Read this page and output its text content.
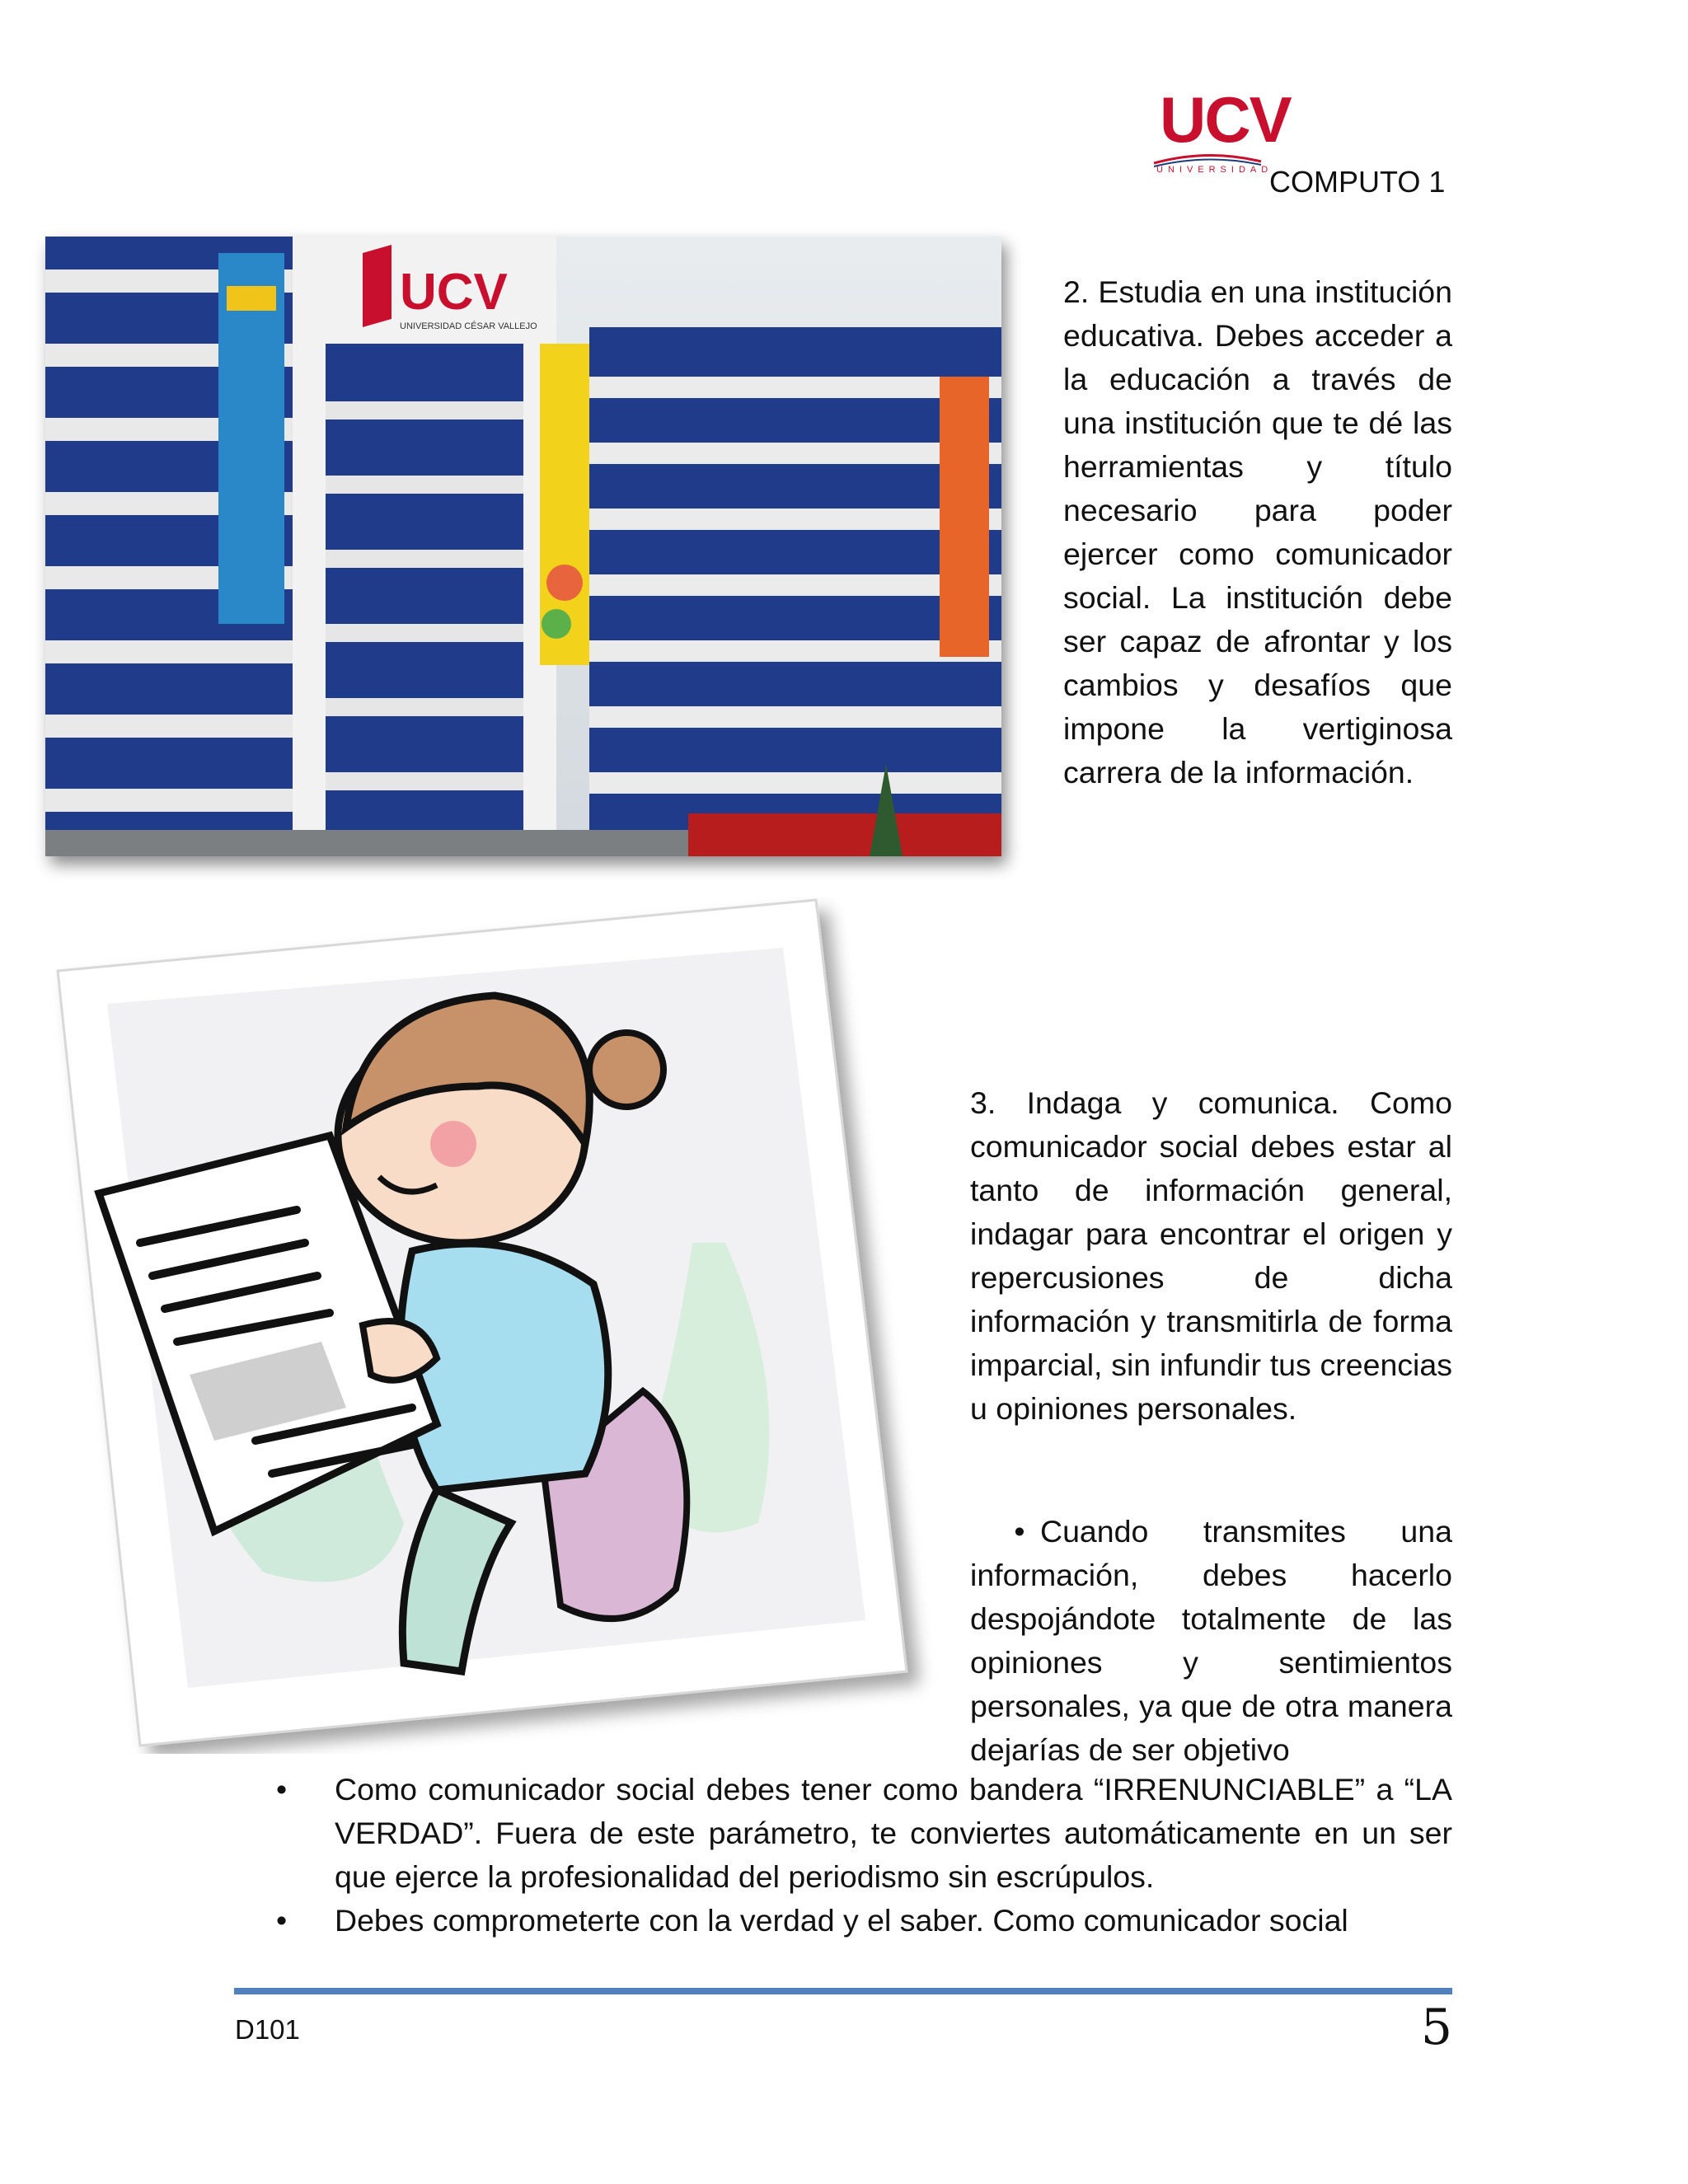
UCV
UNIVERSIDAD
COMPUTO 1
UCV
UNIVERSIDAD CÉSAR VALLEJO
2. Estudia en una institución educativa. Debes acceder a la educación a través de una institución que te dé las herramientas y título necesario para poder ejercer como comunicador social. La institución debe ser capaz de afrontar y los cambios y desafíos que impone la vertiginosa carrera de la información.
3. Indaga y comunica. Como comunicador social debes estar al tanto de información general, indagar para encontrar el origen y repercusiones de dicha información y transmitirla de forma imparcial, sin infundir tus creencias u opiniones personales.
• Cuando transmites una información, debes hacerlo despojándote totalmente de las opiniones y sentimientos personales, ya que de otra manera dejarías de ser objetivo
•	Como comunicador social debes tener como bandera “IRRENUNCIABLE” a “LA VERDAD”. Fuera de este parámetro, te conviertes automáticamente en un ser que ejerce la profesionalidad del periodismo sin escrúpulos.
•	Debes comprometerte con la verdad y el saber. Como comunicador social
D101	5
